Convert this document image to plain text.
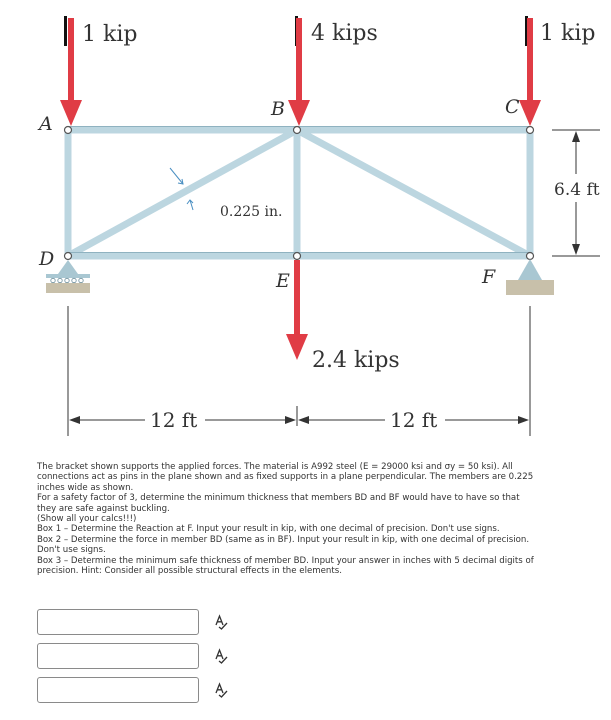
1 kip	4 kips	1 kip
2.4 kips
A
B	C
D
E	F
0.225 in.
6.4 ft
12 ft	12 ft

The bracket shown supports the applied forces. The material is A992 steel (E = 29000 ksi and σy = 50 ksi). All connections act as pins in the plane shown and as fixed supports in a plane perpendicular. The members are 0.225 inches wide as shown.

For a safety factor of 3, determine the minimum thickness that members BD and BF would have to have so that they are safe against buckling.

(Show all your calcs!!!)

Box 1 – Determine the Reaction at F. Input your result in kip, with one decimal of precision. Don't use signs.

Box 2 – Determine the force in member BD (same as in BF). Input your result in kip, with one decimal of precision. Don't use signs.

Box 3 – Determine the minimum safe thickness of member BD. Input your answer in inches with 5 decimal digits of precision. Hint: Consider all possible structural effects in the elements.
